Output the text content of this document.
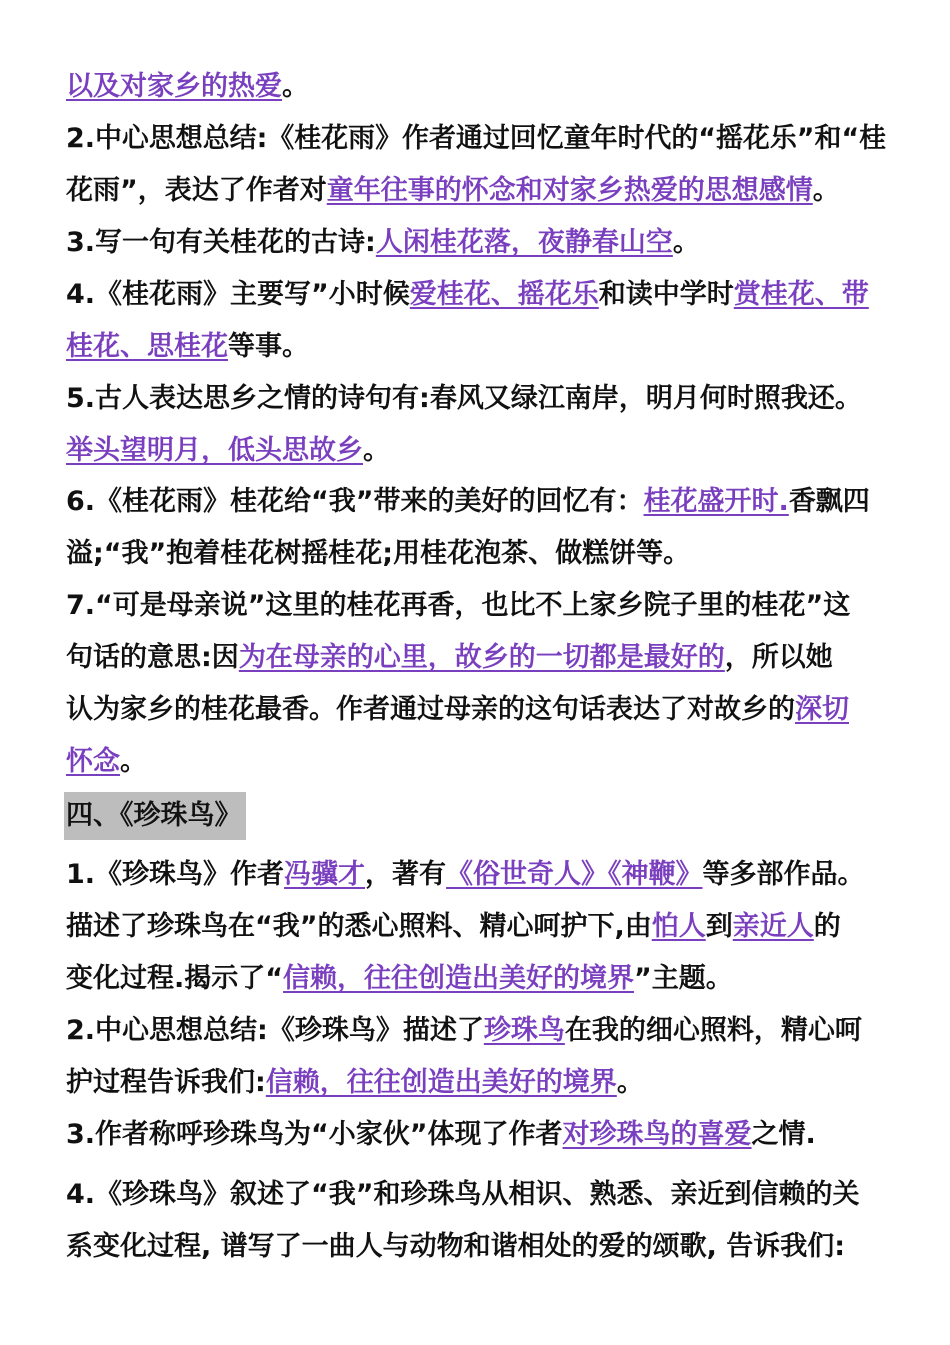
以及对家乡的热爱。
2.中心思想总结:《桂花雨》作者通过回忆童年时代的“摇花乐”和“桂
花雨”，表达了作者对童年往事的怀念和对家乡热爱的思想感情。
3.写一句有关桂花的古诗:人闲桂花落，夜静春山空。
4.《桂花雨》主要写”小时候爱桂花、摇花乐和读中学时赏桂花、带
桂花、思桂花等事。
5.古人表达思乡之情的诗句有:春风又绿江南岸，明月何时照我还。
举头望明月，低头思故乡。
6.《桂花雨》桂花给“我”带来的美好的回忆有：桂花盛开时.香飘四
溢;“我”抱着桂花树摇桂花;用桂花泡茶、做糕饼等。
7.“可是母亲说”这里的桂花再香，也比不上家乡院子里的桂花”这
句话的意思:因为在母亲的心里，故乡的一切都是最好的，所以她
认为家乡的桂花最香。作者通过母亲的这句话表达了对故乡的深切
怀念。
四、《珍珠鸟》
1.《珍珠鸟》作者冯骥才，著有《俗世奇人》《神鞭》等多部作品。
描述了珍珠鸟在“我”的悉心照料、精心呵护下,由怕人到亲近人的
变化过程.揭示了“信赖，往往创造出美好的境界”主题。
2.中心思想总结:《珍珠鸟》描述了珍珠鸟在我的细心照料，精心呵
护过程告诉我们:信赖，往往创造出美好的境界。
3.作者称呼珍珠鸟为“小家伙”体现了作者对珍珠鸟的喜爱之情.
4.《珍珠鸟》叙述了“我”和珍珠鸟从相识、熟悉、亲近到信赖的关
系变化过程, 谱写了一曲人与动物和谐相处的爱的颂歌, 告诉我们:
